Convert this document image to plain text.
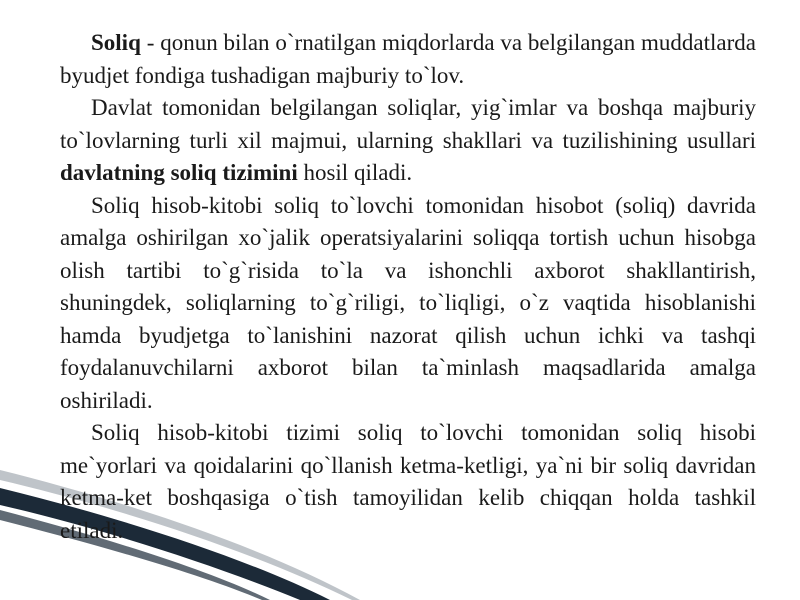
Soliq - qonun bilan o`rnatilgan miqdorlarda va belgilangan muddatlarda byudjet fondiga tushadigan majburiy to`lov.

Davlat tomonidan belgilangan soliqlar, yig`imlar va boshqa majburiy to`lovlarning turli xil majmui, ularning shakllari va tuzilishining usullari davlatning soliq tizimini hosil qiladi.

Soliq hisob-kitobi soliq to`lovchi tomonidan hisobot (soliq) davrida amalga oshirilgan xo`jalik operatsiyalarini soliqqa tortish uchun hisobga olish tartibi to`g`risida to`la va ishonchli axborot shakllantirish, shuningdek, soliqlarning to`g`riligi, to`liqligi, o`z vaqtida hisoblanishi hamda byudjetga to`lanishini nazorat qilish uchun ichki va tashqi foydalanuvchilarni axborot bilan ta`minlash maqsadlarida amalga oshiriladi.

Soliq hisob-kitobi tizimi soliq to`lovchi tomonidan soliq hisobi me`yorlari va qoidalarini qo`llanish ketma-ketligi, ya`ni bir soliq davridan ketma-ket boshqasiga o`tish tamoyilidan kelib chiqqan holda tashkil etiladi.
